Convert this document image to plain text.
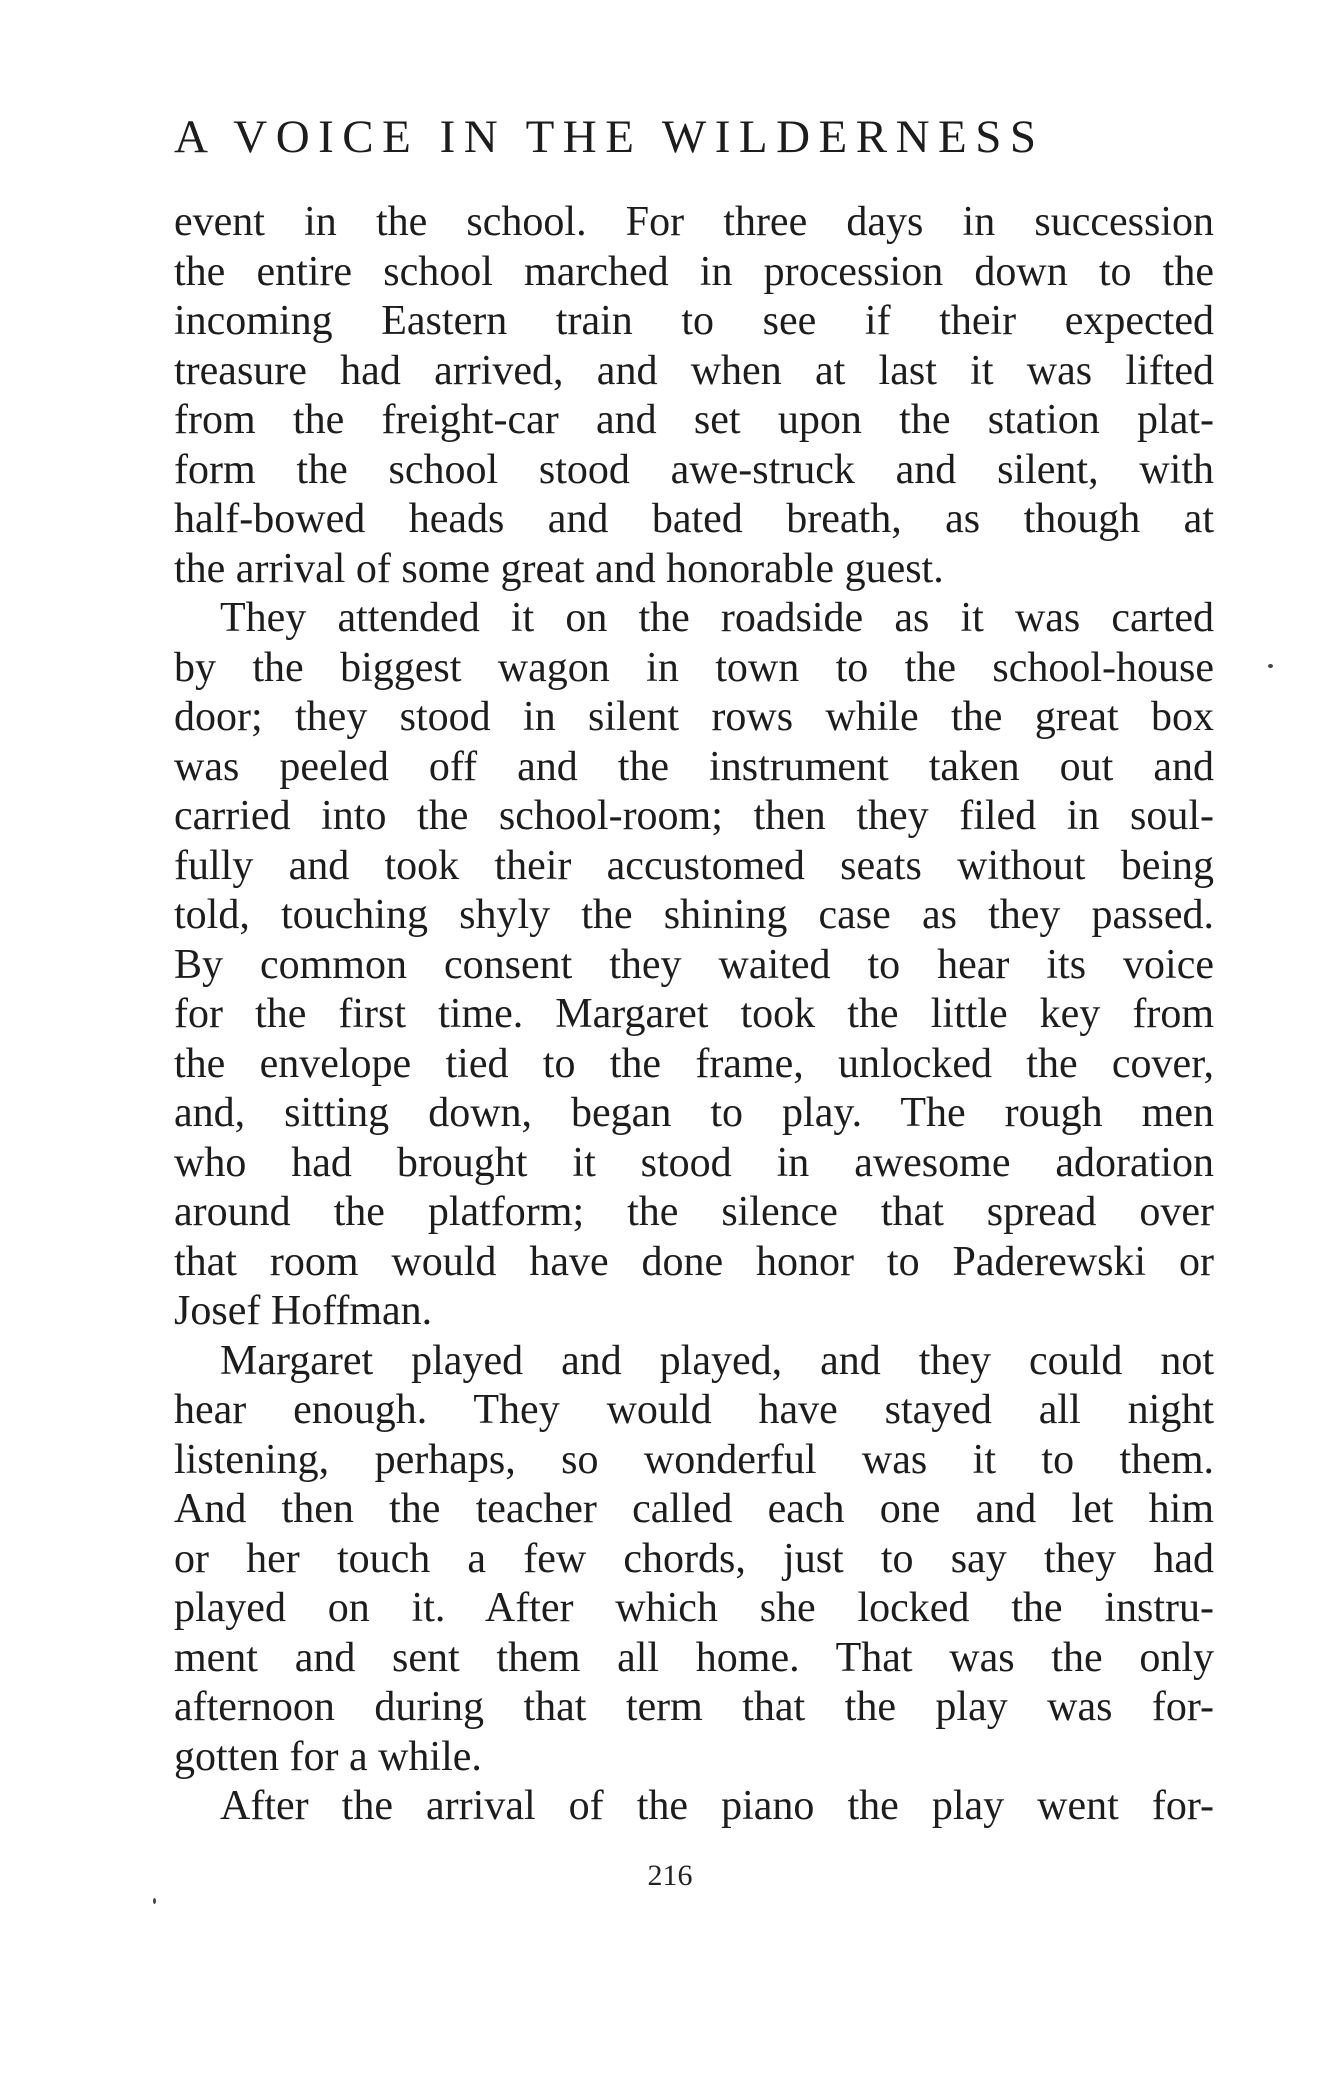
A VOICE IN THE WILDERNESS
event in the school. For three days in succession
the entire school marched in procession down to the
incoming Eastern train to see if their expected
treasure had arrived, and when at last it was lifted
from the freight-car and set upon the station plat-
form the school stood awe-struck and silent, with
half-bowed heads and bated breath, as though at
the arrival of some great and honorable guest.
They attended it on the roadside as it was carted
by the biggest wagon in town to the school-house
door; they stood in silent rows while the great box
was peeled off and the instrument taken out and
carried into the school-room; then they filed in soul-
fully and took their accustomed seats without being
told, touching shyly the shining case as they passed.
By common consent they waited to hear its voice
for the first time. Margaret took the little key from
the envelope tied to the frame, unlocked the cover,
and, sitting down, began to play. The rough men
who had brought it stood in awesome adoration
around the platform; the silence that spread over
that room would have done honor to Paderewski or
Josef Hoffman.
Margaret played and played, and they could not
hear enough. They would have stayed all night
listening, perhaps, so wonderful was it to them.
And then the teacher called each one and let him
or her touch a few chords, just to say they had
played on it. After which she locked the instru-
ment and sent them all home. That was the only
afternoon during that term that the play was for-
gotten for a while.
After the arrival of the piano the play went for-
216
